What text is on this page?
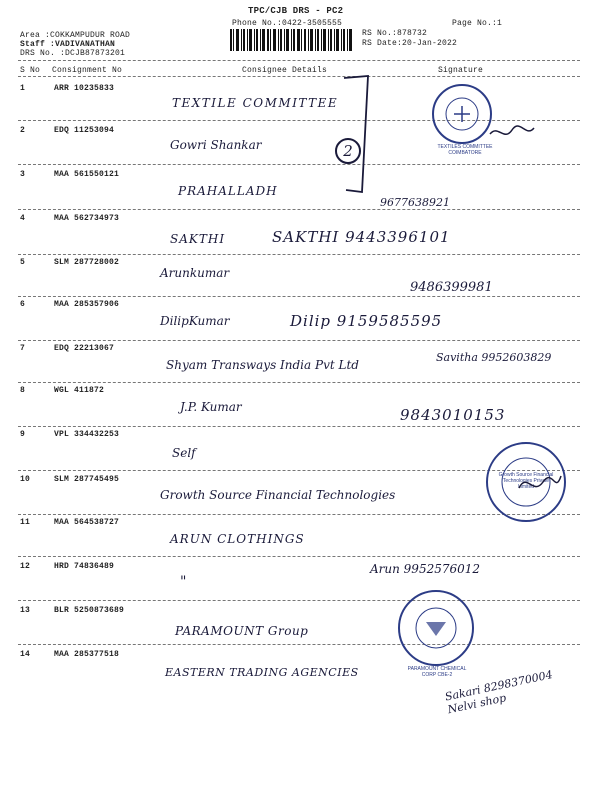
TPC/CJB DRS - PC2
Phone No.:0422-3505555	Page No.:1
Area :COKKAMPUDUR ROAD
Staff :VADIVANATHAN
DRS No. :DCJB87873201
RS No.:878732
RS Date:20-Jan-2022
S No Consignment No	Consignee Details	Signature
1	ARR 10235833
TEXTILE COMMITTEE
2	EDQ 11253094
Gowri Shankar	2
3	MAA 561550121
PRAHALLADH
9677638921
4	MAA 562734973
SAKTHI	SAKTHI 9443396101
5	SLM 287728002
Arunkumar
9486399981
6	MAA 285357906
DilipKumar	Dilip 9159585595
7	EDQ 22213067
Shyam Transways India Pvt Ltd
Savitha 9952603829
8	WGL 411872
J.P. Kumar	9843010153
9	VPL 334432253
Self
10	SLM 287745495
Growth Source Financial Technologies
11	MAA 564538727
ARUN CLOTHINGS
12	HRD 74836489
"
Arun 9952576012
13	BLR 5250873689
PARAMOUNT Group
14	MAA 285377518
EASTERN TRADING AGENCIES	Sakari 8298370004 Nelvi shop
TEXTILES COMMITTEE COIMBATORE
Growth Source Financial Technologies Private Limited
PARAMOUNT CHEMICAL CORP CBE-2
